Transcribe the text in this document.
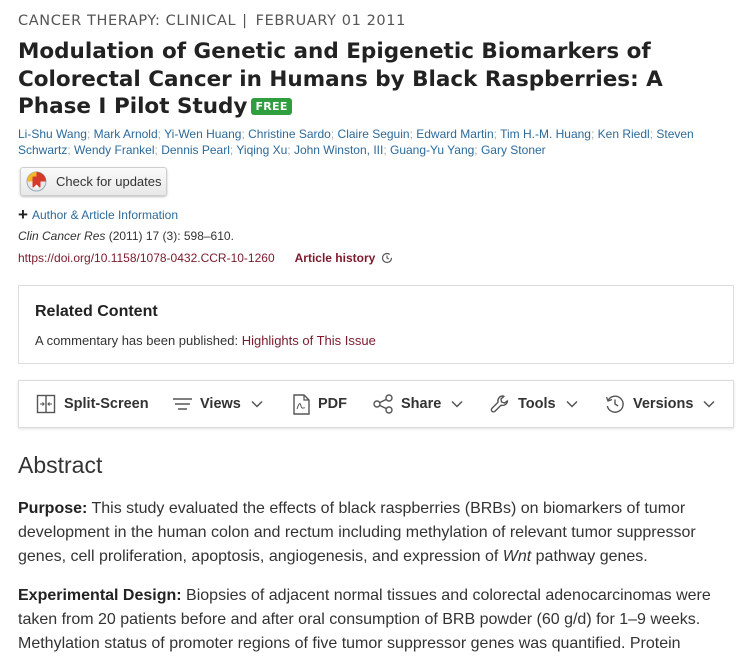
CANCER THERAPY: CLINICAL | FEBRUARY 01 2011
Modulation of Genetic and Epigenetic Biomarkers of Colorectal Cancer in Humans by Black Raspberries: A Phase I Pilot Study FREE
Li-Shu Wang; Mark Arnold; Yi-Wen Huang; Christine Sardo; Claire Seguin; Edward Martin; Tim H.-M. Huang; Ken Riedl; Steven Schwartz; Wendy Frankel; Dennis Pearl; Yiqing Xu; John Winston, III; Guang-Yu Yang; Gary Stoner
Check for updates
+ Author & Article Information
Clin Cancer Res (2011) 17 (3): 598–610.
https://doi.org/10.1158/1078-0432.CCR-10-1260 Article history
Related Content

A commentary has been published: Highlights of This Issue

Split-Screen	Views	PDF	Share	Tools	Versions
Abstract

Purpose: This study evaluated the effects of black raspberries (BRBs) on biomarkers of tumor development in the human colon and rectum including methylation of relevant tumor suppressor genes, cell proliferation, apoptosis, angiogenesis, and expression of Wnt pathway genes.

Experimental Design: Biopsies of adjacent normal tissues and colorectal adenocarcinomas were taken from 20 patients before and after oral consumption of BRB powder (60 g/d) for 1–9 weeks. Methylation status of promoter regions of five tumor suppressor genes was quantified. Protein
